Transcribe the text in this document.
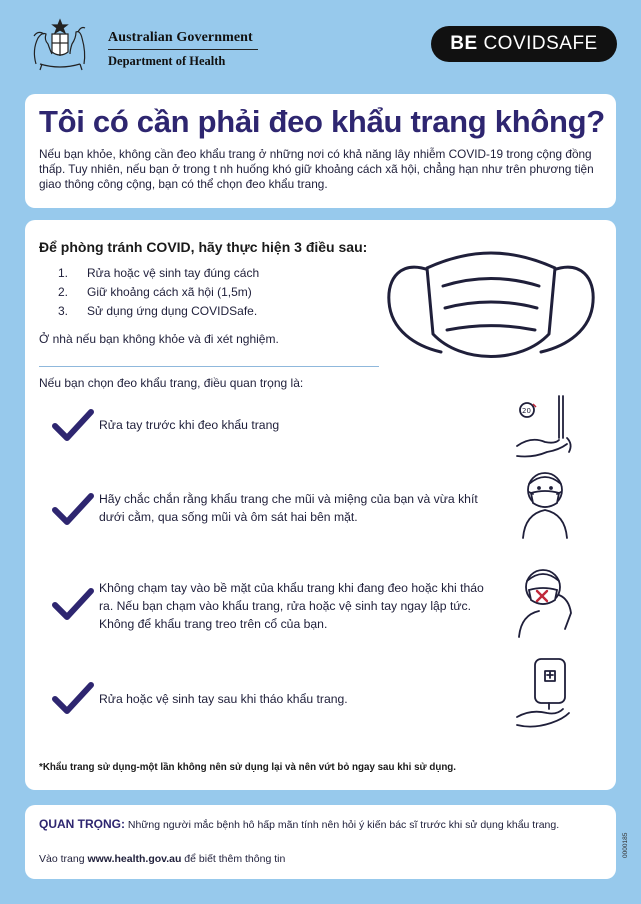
Australian Government
Department of Health
BE COVIDSAFE
Tôi có cần phải đeo khẩu trang không?
Nếu bạn khỏe, không cần đeo khẩu trang ở những nơi có khả năng lây nhiễm COVID-19 trong cộng đồng thấp. Tuy nhiên, nếu bạn ở trong t nh huống khó giữ khoảng cách xã hội, chẳng hạn như trên phương tiện giao thông công cộng, bạn có thể chọn đeo khẩu trang.
Để phòng tránh COVID, hãy thực hiện 3 điều sau:
1.	Rửa hoặc vệ sinh tay đúng cách
2.	Giữ khoảng cách xã hội (1,5m)
3.	Sử dụng ứng dụng COVIDSafe.
Ở nhà nếu bạn không khỏe và đi xét nghiệm.
Nếu bạn chọn đeo khẩu trang, điều quan trọng là:
Rửa tay trước khi đeo khẩu trang
20
Hãy chắc chắn rằng khẩu trang che mũi và miệng của bạn và vừa khít dưới cằm, qua sống mũi và ôm sát hai bên mặt.
Không chạm tay vào bề mặt của khẩu trang khi đang đeo hoặc khi tháo ra. Nếu bạn chạm vào khẩu trang, rửa hoặc vệ sinh tay ngay lập tức. Không để khẩu trang treo trên cổ của bạn.
Rửa hoặc vệ sinh tay sau khi tháo khẩu trang.
*Khẩu trang sử dụng-một lần không nên sử dụng lại và nên vứt bỏ ngay sau khi sử dụng.
QUAN TRỌNG: Những người mắc bệnh hô hấp mãn tính nên hỏi ý kiến bác sĩ trước khi sử dụng khẩu trang.
Vào trang www.health.gov.au để biết thêm thông tin
0000185
